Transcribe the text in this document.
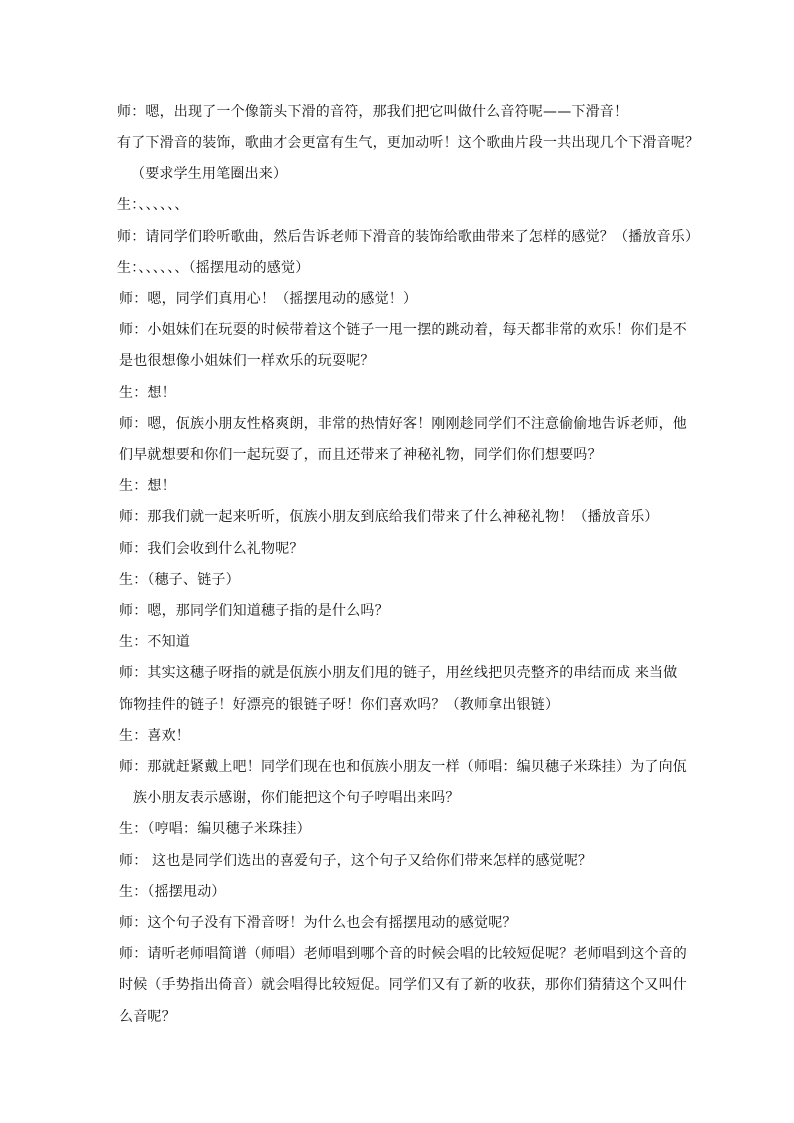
师：嗯，出现了一个像箭头下滑的音符，那我们把它叫做什么音符呢——下滑音！
有了下滑音的装饰，歌曲才会更富有生气，更加动听！这个歌曲片段一共出现几个下滑音呢？
（要求学生用笔圈出来）
生：、、、、、、
师：请同学们聆听歌曲，然后告诉老师下滑音的装饰给歌曲带来了怎样的感觉？（播放音乐）
生：、、、、、、（摇摆甩动的感觉）
师：嗯，同学们真用心！（摇摆甩动的感觉！）
师：小姐妹们在玩耍的时候带着这个链子一甩一摆的跳动着，每天都非常的欢乐！你们是不
是也很想像小姐妹们一样欢乐的玩耍呢？
生：想！
师：嗯，佤族小朋友性格爽朗，非常的热情好客！刚刚趁同学们不注意偷偷地告诉老师，他
们早就想要和你们一起玩耍了，而且还带来了神秘礼物，同学们你们想要吗？
生：想！
师：那我们就一起来听听，佤族小朋友到底给我们带来了什么神秘礼物！（播放音乐）
师：我们会收到什么礼物呢？
生：（穗子、链子）
师：嗯，那同学们知道穗子指的是什么吗？
生：不知道
师：其实这穗子呀指的就是佤族小朋友们甩的链子，用丝线把贝壳整齐的串结而成 来当做
饰物挂件的链子！好漂亮的银链子呀！你们喜欢吗？（教师拿出银链）
生：喜欢！
师：那就赶紧戴上吧！同学们现在也和佤族小朋友一样（师唱：编贝穗子米珠挂）为了向佤
族小朋友表示感谢，你们能把这个句子哼唱出来吗？
生：（哼唱：编贝穗子米珠挂）
师： 这也是同学们选出的喜爱句子，这个句子又给你们带来怎样的感觉呢？
生：（摇摆甩动）
师：这个句子没有下滑音呀！为什么也会有摇摆甩动的感觉呢？
师：请听老师唱简谱（师唱）老师唱到哪个音的时候会唱的比较短促呢？老师唱到这个音的
时候（手势指出倚音）就会唱得比较短促。同学们又有了新的收获，那你们猜猜这个又叫什
么音呢？
